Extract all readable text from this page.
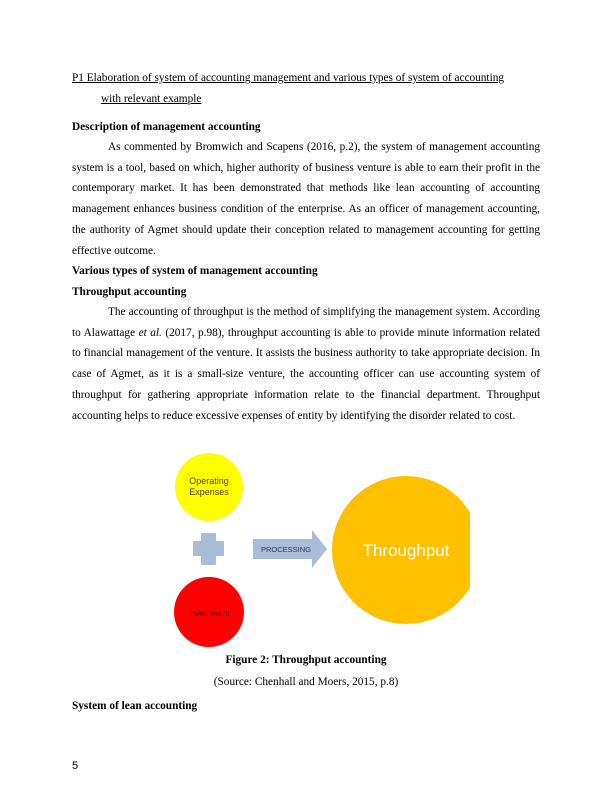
P1 Elaboration of system of accounting management and various types of system of accounting
with relevant example
Description of management accounting
As commented by Bromwich and Scapens (2016, p.2), the system of management accounting system is a tool, based on which, higher authority of business venture is able to earn their profit in the contemporary market. It has been demonstrated that methods like lean accounting of accounting management enhances business condition of the enterprise. As an officer of management accounting, the authority of Agmet should update their conception related to management accounting for getting effective outcome.
Various types of system of management accounting
Throughput accounting
The accounting of throughput is the method of simplifying the management system. According to Alawattage et al. (2017, p.98), throughput accounting is able to provide minute information related to financial management of the venture. It assists the business authority to take appropriate decision. In case of Agmet, as it is a small-size venture, the accounting officer can use accounting system of throughput for gathering appropriate information relate to the financial department. Throughput accounting helps to reduce excessive expenses of entity by identifying the disorder related to cost.
Operating
Expenses
Investment
PROCESSING	Throughput
Figure 2: Throughput accounting
(Source: Chenhall and Moers, 2015, p.8)
System of lean accounting
5
